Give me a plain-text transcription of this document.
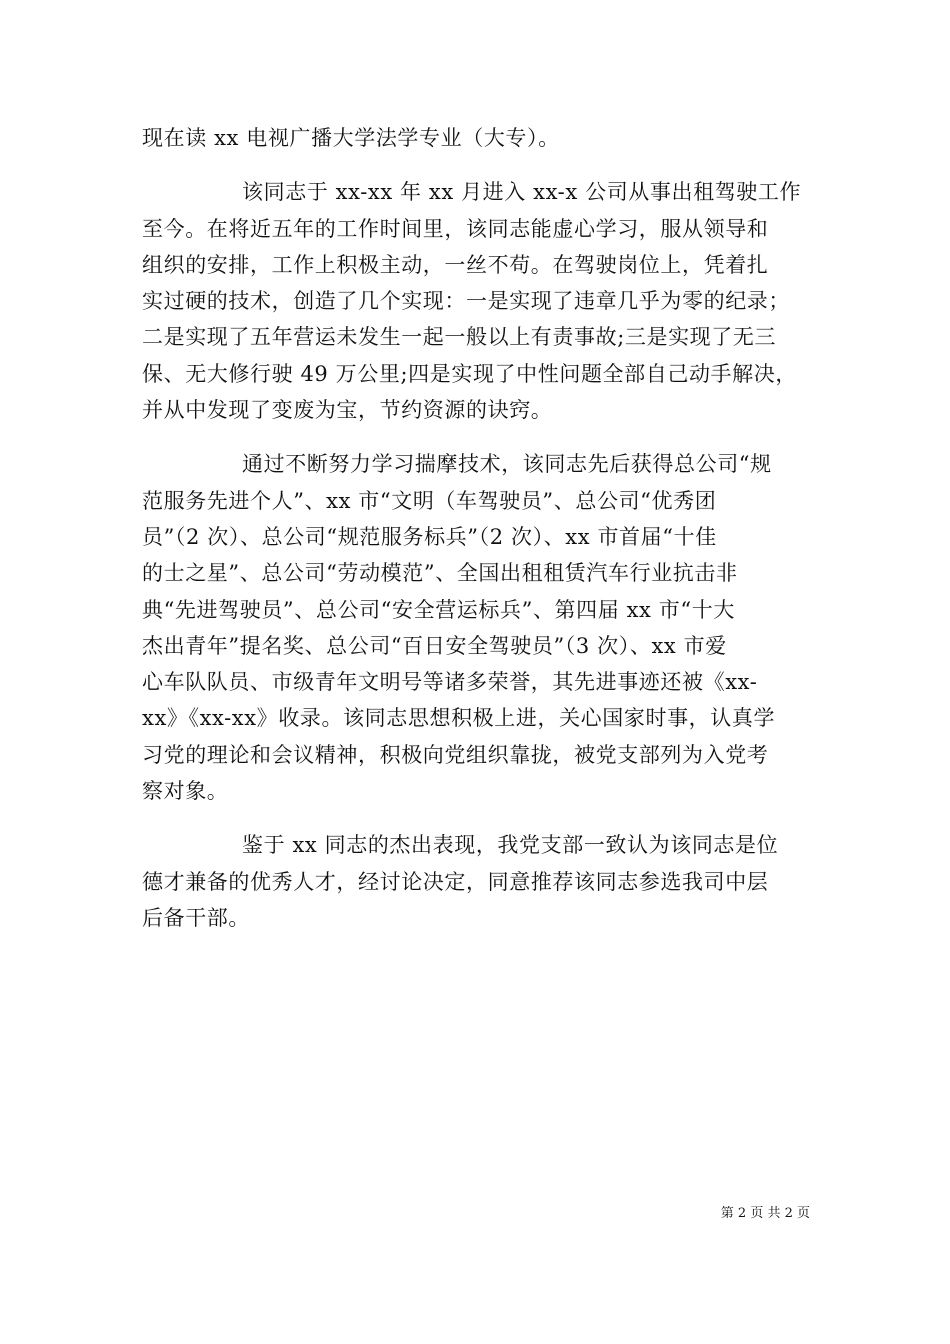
现在读 xx 电视广播大学法学专业（大专）。
该同志于 xx-xx 年 xx 月进入 xx-x 公司从事出租驾驶工作
至今。在将近五年的工作时间里，该同志能虚心学习，服从领导和
组织的安排，工作上积极主动，一丝不苟。在驾驶岗位上，凭着扎
实过硬的技术，创造了几个实现：一是实现了违章几乎为零的纪录；
二是实现了五年营运未发生一起一般以上有责事故;三是实现了无三
保、无大修行驶 49 万公里;四是实现了中性问题全部自己动手解决，
并从中发现了变废为宝，节约资源的诀窍。
通过不断努力学习揣摩技术，该同志先后获得总公司“规
范服务先进个人”、xx 市“文明（车驾驶员”、总公司“优秀团
员”（2 次）、总公司“规范服务标兵”（2 次）、xx 市首届“十佳
的士之星”、总公司“劳动模范”、全国出租租赁汽车行业抗击非
典“先进驾驶员”、总公司“安全营运标兵”、第四届 xx 市“十大
杰出青年”提名奖、总公司“百日安全驾驶员”（3 次）、xx 市爱
心车队队员、市级青年文明号等诸多荣誉，其先进事迹还被《xx-
xx》《xx-xx》收录。该同志思想积极上进，关心国家时事，认真学
习党的理论和会议精神，积极向党组织靠拢，被党支部列为入党考
察对象。
鉴于 xx 同志的杰出表现，我党支部一致认为该同志是位
德才兼备的优秀人才，经讨论决定，同意推荐该同志参选我司中层
后备干部。
第 2 页 共 2 页
